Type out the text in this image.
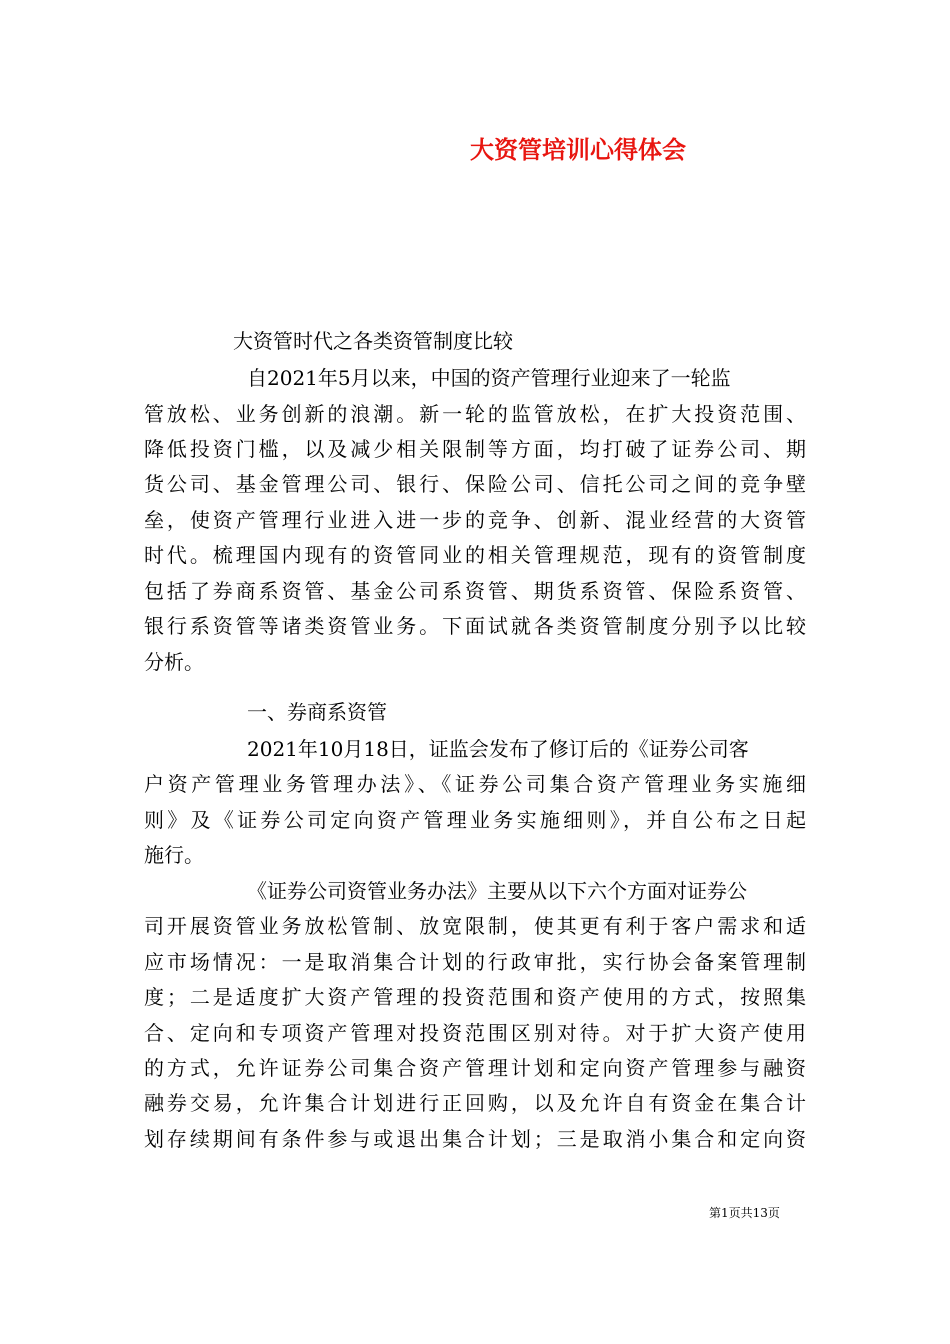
大资管培训心得体会
大资管时代之各类资管制度比较
自2021年5月以来，中国的资产管理行业迎来了一轮监
管放松、业务创新的浪潮。新一轮的监管放松，在扩大投资范围、
降低投资门槛，以及减少相关限制等方面，均打破了证券公司、期
货公司、基金管理公司、银行、保险公司、信托公司之间的竞争壁
垒，使资产管理行业进入进一步的竞争、创新、混业经营的大资管
时代。梳理国内现有的资管同业的相关管理规范，现有的资管制度
包括了券商系资管、基金公司系资管、期货系资管、保险系资管、
银行系资管等诸类资管业务。下面试就各类资管制度分别予以比较
分析。
一、券商系资管
2021年10月18日，证监会发布了修订后的《证券公司客
户资产管理业务管理办法》、《证券公司集合资产管理业务实施细
则》及《证券公司定向资产管理业务实施细则》，并自公布之日起
施行。
《证券公司资管业务办法》主要从以下六个方面对证券公
司开展资管业务放松管制、放宽限制，使其更有利于客户需求和适
应市场情况：一是取消集合计划的行政审批，实行协会备案管理制
度；二是适度扩大资产管理的投资范围和资产使用的方式，按照集
合、定向和专项资产管理对投资范围区别对待。对于扩大资产使用
的方式，允许证券公司集合资产管理计划和定向资产管理参与融资
融券交易，允许集合计划进行正回购，以及允许自有资金在集合计
划存续期间有条件参与或退出集合计划；三是取消小集合和定向资
第1页共13页
